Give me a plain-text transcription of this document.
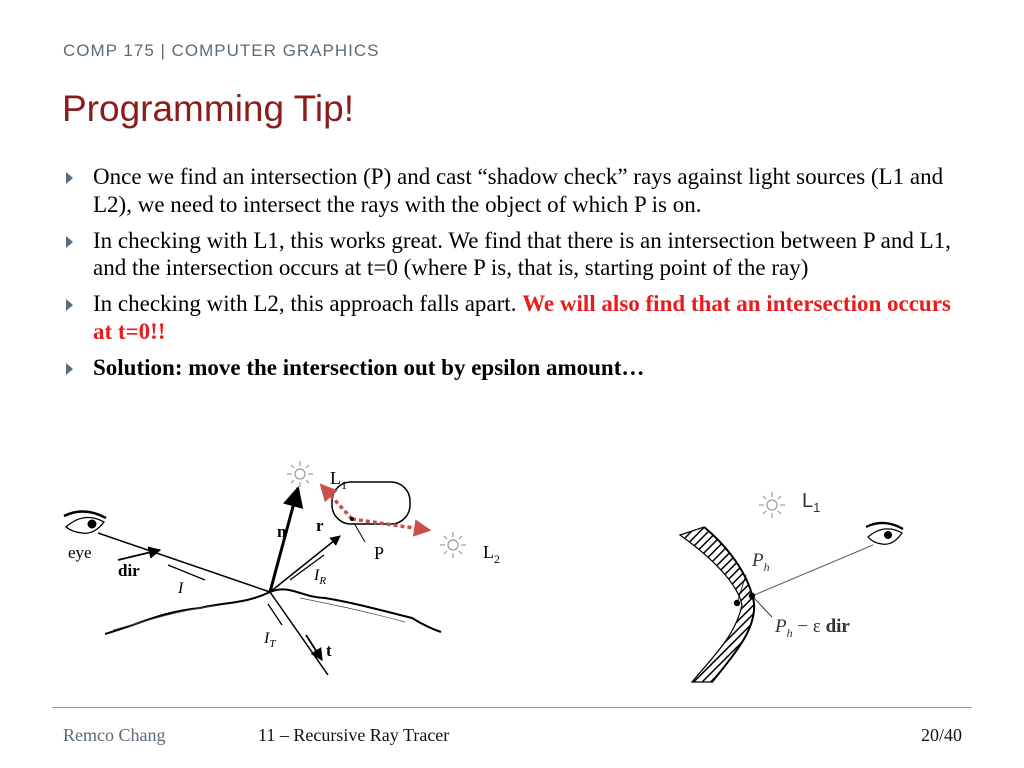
COMP 175 | COMPUTER GRAPHICS
Programming Tip!
Once we find an intersection (P) and cast “shadow check” rays against light sources (L1 and L2), we need to intersect the rays with the object of which P is on.
In checking with L1, this works great. We find that there is an intersection between P and L1, and the intersection occurs at t=0 (where P is, that is, starting point of the ray)
In checking with L2, this approach falls apart. We will also find that an intersection occurs at t=0!!
Solution: move the intersection out by epsilon amount…
eye
dir
I
n r
$I_R$
t
$I_T$
P
$L_1$
$L_2$
$L_1$
$P_h$
$P_h - \varepsilon$ dir
Remco Chang	11 – Recursive Ray Tracer	20/40
